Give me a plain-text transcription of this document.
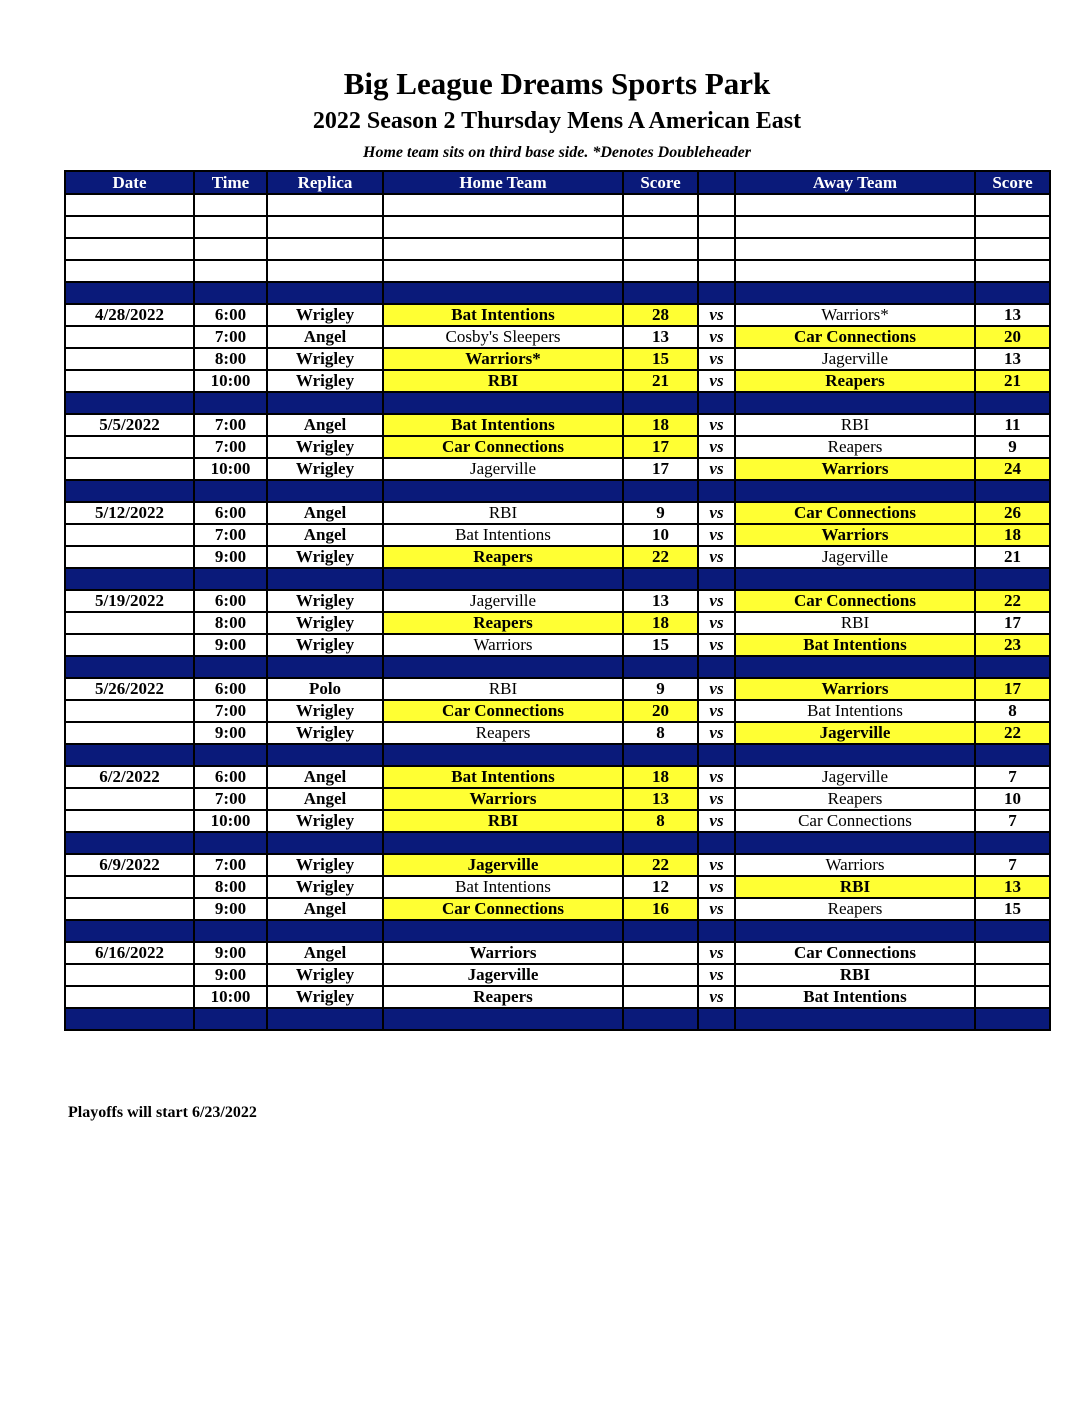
Big League Dreams Sports Park
2022 Season 2 Thursday Mens A American East
Home team sits on third base side. *Denotes Doubleheader
Date	Time	Replica	Home Team	Score		Away Team	Score

4/28/2022	6:00	Wrigley	Bat Intentions	28	vs	Warriors*	13
	7:00	Angel	Cosby's Sleepers	13	vs	Car Connections	20
	8:00	Wrigley	Warriors*	15	vs	Jagerville	13
	10:00	Wrigley	RBI	21	vs	Reapers	21

5/5/2022	7:00	Angel	Bat Intentions	18	vs	RBI	11
	7:00	Wrigley	Car Connections	17	vs	Reapers	9
	10:00	Wrigley	Jagerville	17	vs	Warriors	24

5/12/2022	6:00	Angel	RBI	9	vs	Car Connections	26
	7:00	Angel	Bat Intentions	10	vs	Warriors	18
	9:00	Wrigley	Reapers	22	vs	Jagerville	21

5/19/2022	6:00	Wrigley	Jagerville	13	vs	Car Connections	22
	8:00	Wrigley	Reapers	18	vs	RBI	17
	9:00	Wrigley	Warriors	15	vs	Bat Intentions	23

5/26/2022	6:00	Polo	RBI	9	vs	Warriors	17
	7:00	Wrigley	Car Connections	20	vs	Bat Intentions	8
	9:00	Wrigley	Reapers	8	vs	Jagerville	22

6/2/2022	6:00	Angel	Bat Intentions	18	vs	Jagerville	7
	7:00	Angel	Warriors	13	vs	Reapers	10
	10:00	Wrigley	RBI	8	vs	Car Connections	7

6/9/2022	7:00	Wrigley	Jagerville	22	vs	Warriors	7
	8:00	Wrigley	Bat Intentions	12	vs	RBI	13
	9:00	Angel	Car Connections	16	vs	Reapers	15

6/16/2022	9:00	Angel	Warriors		vs	Car Connections	
	9:00	Wrigley	Jagerville		vs	RBI	
	10:00	Wrigley	Reapers		vs	Bat Intentions	

Playoffs will start 6/23/2022
